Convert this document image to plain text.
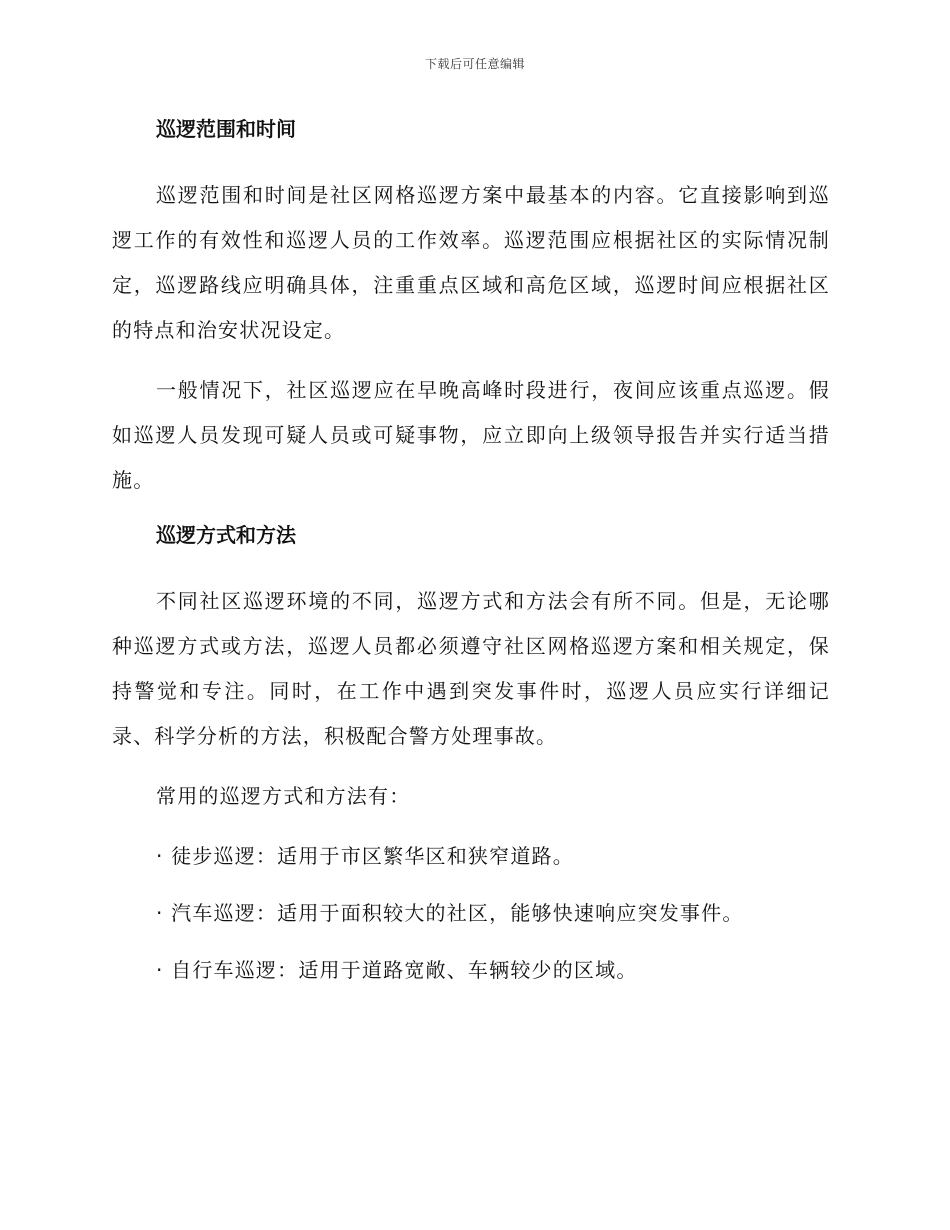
下载后可任意编辑
巡逻范围和时间

巡逻范围和时间是社区网格巡逻方案中最基本的内容。它直接影响到巡逻工作的有效性和巡逻人员的工作效率。巡逻范围应根据社区的实际情况制定，巡逻路线应明确具体，注重重点区域和高危区域，巡逻时间应根据社区的特点和治安状况设定。

一般情况下，社区巡逻应在早晚高峰时段进行，夜间应该重点巡逻。假如巡逻人员发现可疑人员或可疑事物，应立即向上级领导报告并实行适当措施。

巡逻方式和方法

不同社区巡逻环境的不同，巡逻方式和方法会有所不同。但是，无论哪种巡逻方式或方法，巡逻人员都必须遵守社区网格巡逻方案和相关规定，保持警觉和专注。同时，在工作中遇到突发事件时，巡逻人员应实行详细记录、科学分析的方法，积极配合警方处理事故。

常用的巡逻方式和方法有：

· 徒步巡逻：适用于市区繁华区和狭窄道路。
· 汽车巡逻：适用于面积较大的社区，能够快速响应突发事件。
· 自行车巡逻：适用于道路宽敞、车辆较少的区域。
